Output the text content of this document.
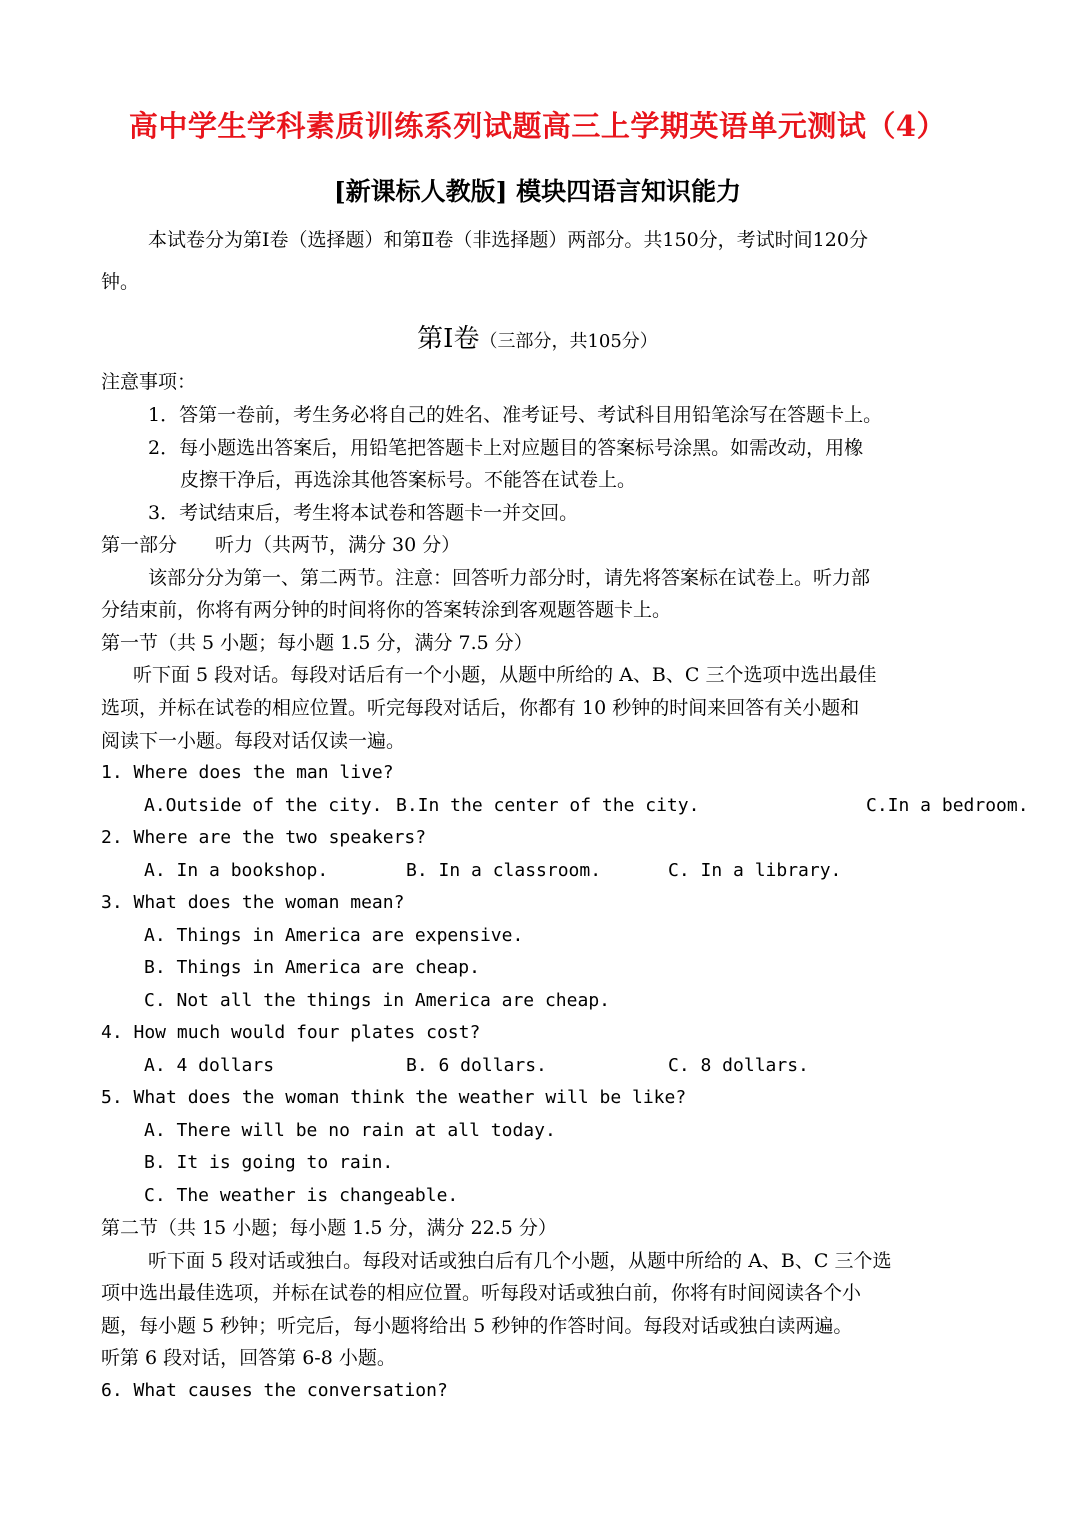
高中学生学科素质训练系列试题高三上学期英语单元测试（4）
[新课标人教版] 模块四语言知识能力
本试卷分为第Ⅰ卷（选择题）和第Ⅱ卷（非选择题）两部分。共150分，考试时间120分
钟。
第I卷（三部分，共105分）
注意事项：
1．答第一卷前，考生务必将自己的姓名、准考证号、考试科目用铅笔涂写在答题卡上。
2．每小题选出答案后，用铅笔把答题卡上对应题目的答案标号涂黑。如需改动，用橡
皮擦干净后，再选涂其他答案标号。不能答在试卷上。
3．考试结束后，考生将本试卷和答题卡一并交回。
第一部分　　听力（共两节，满分 30 分）
该部分分为第一、第二两节。注意：回答听力部分时，请先将答案标在试卷上。听力部
分结束前，你将有两分钟的时间将你的答案转涂到客观题答题卡上。
第一节（共 5 小题；每小题 1.5 分，满分 7.5 分）
听下面 5 段对话。每段对话后有一个小题，从题中所给的 A、B、C 三个选项中选出最佳
选项，并标在试卷的相应位置。听完每段对话后，你都有 10 秒钟的时间来回答有关小题和
阅读下一小题。每段对话仅读一遍。
1. Where does the man live?
A.Outside of the city. B.In the center of the city.	C.In a bedroom.
2. Where are the two speakers?
A. In a bookshop.	B. In a classroom.	C. In a library.
3. What does the woman mean?
A. Things in America are expensive.
B. Things in America are cheap.
C. Not all the things in America are cheap.
4. How much would four plates cost?
A. 4 dollars	B. 6 dollars.	C. 8 dollars.
5. What does the woman think the weather will be like?
A. There will be no rain at all today.
B. It is going to rain.
C. The weather is changeable.
第二节（共 15 小题；每小题 1.5 分，满分 22.5 分）
听下面 5 段对话或独白。每段对话或独白后有几个小题，从题中所给的 A、B、C 三个选
项中选出最佳选项，并标在试卷的相应位置。听每段对话或独白前，你将有时间阅读各个小
题，每小题 5 秒钟；听完后，每小题将给出 5 秒钟的作答时间。每段对话或独白读两遍。
听第 6 段对话，回答第 6-8 小题。
6. What causes the conversation?
